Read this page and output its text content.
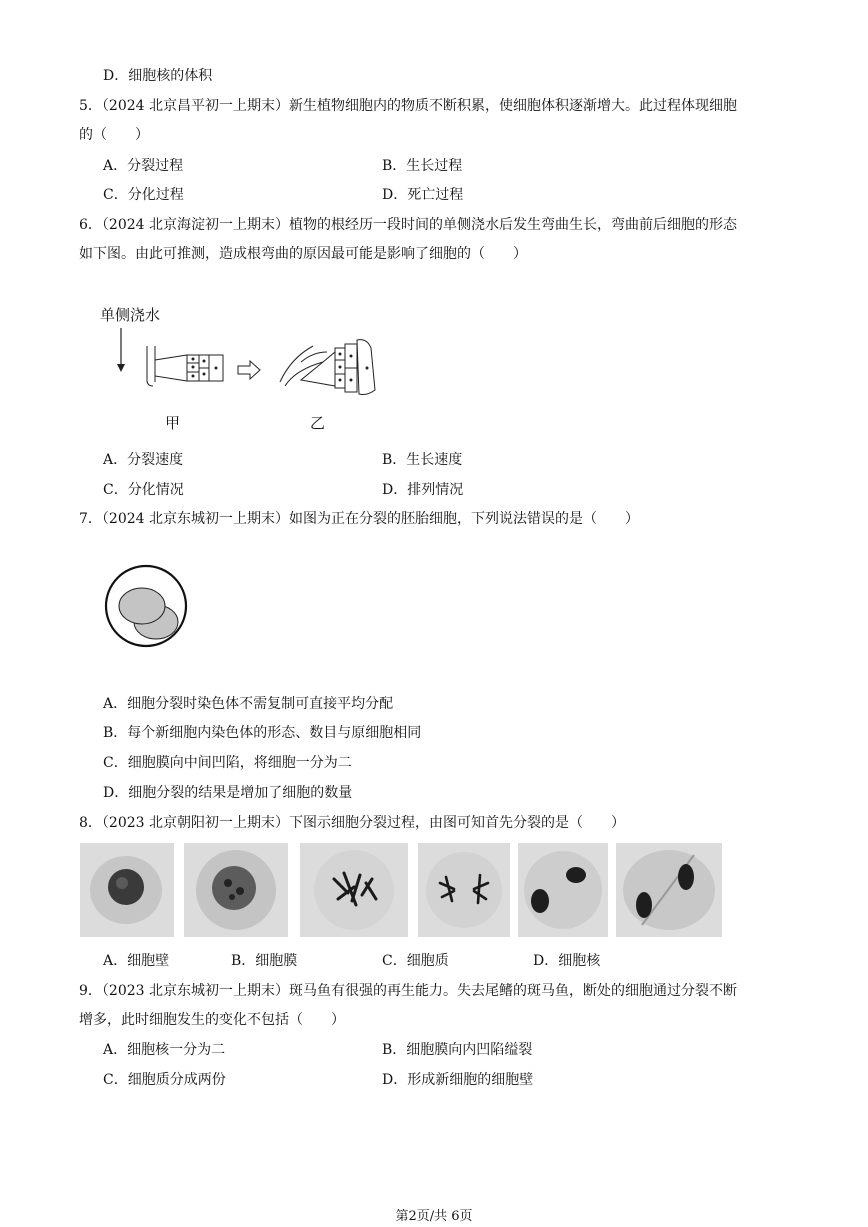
D．细胞核的体积
5．（2024 北京昌平初一上期末）新生植物细胞内的物质不断积累，使细胞体积逐渐增大。此过程体现细胞
的（　　）
A．分裂过程	B．生长过程
C．分化过程	D．死亡过程
6．（2024 北京海淀初一上期末）植物的根经历一段时间的单侧浇水后发生弯曲生长，弯曲前后细胞的形态
如下图。由此可推测，造成根弯曲的原因最可能是影响了细胞的（　　）
单侧浇水
甲	乙
A．分裂速度	B．生长速度
C．分化情况	D．排列情况
7．（2024 北京东城初一上期末）如图为正在分裂的胚胎细胞，下列说法错误的是（　　）
A．细胞分裂时染色体不需复制可直接平均分配
B．每个新细胞内染色体的形态、数目与原细胞相同
C．细胞膜向中间凹陷，将细胞一分为二
D．细胞分裂的结果是增加了细胞的数量
8．（2023 北京朝阳初一上期末）下图示细胞分裂过程，由图可知首先分裂的是（　　）
A．细胞壁	B．细胞膜	C．细胞质	D．细胞核
9．（2023 北京东城初一上期末）斑马鱼有很强的再生能力。失去尾鳍的斑马鱼，断处的细胞通过分裂不断
增多，此时细胞发生的变化不包括（　　）
A．细胞核一分为二	B．细胞膜向内凹陷缢裂
C．细胞质分成两份	D．形成新细胞的细胞壁
第2页/共 6页
